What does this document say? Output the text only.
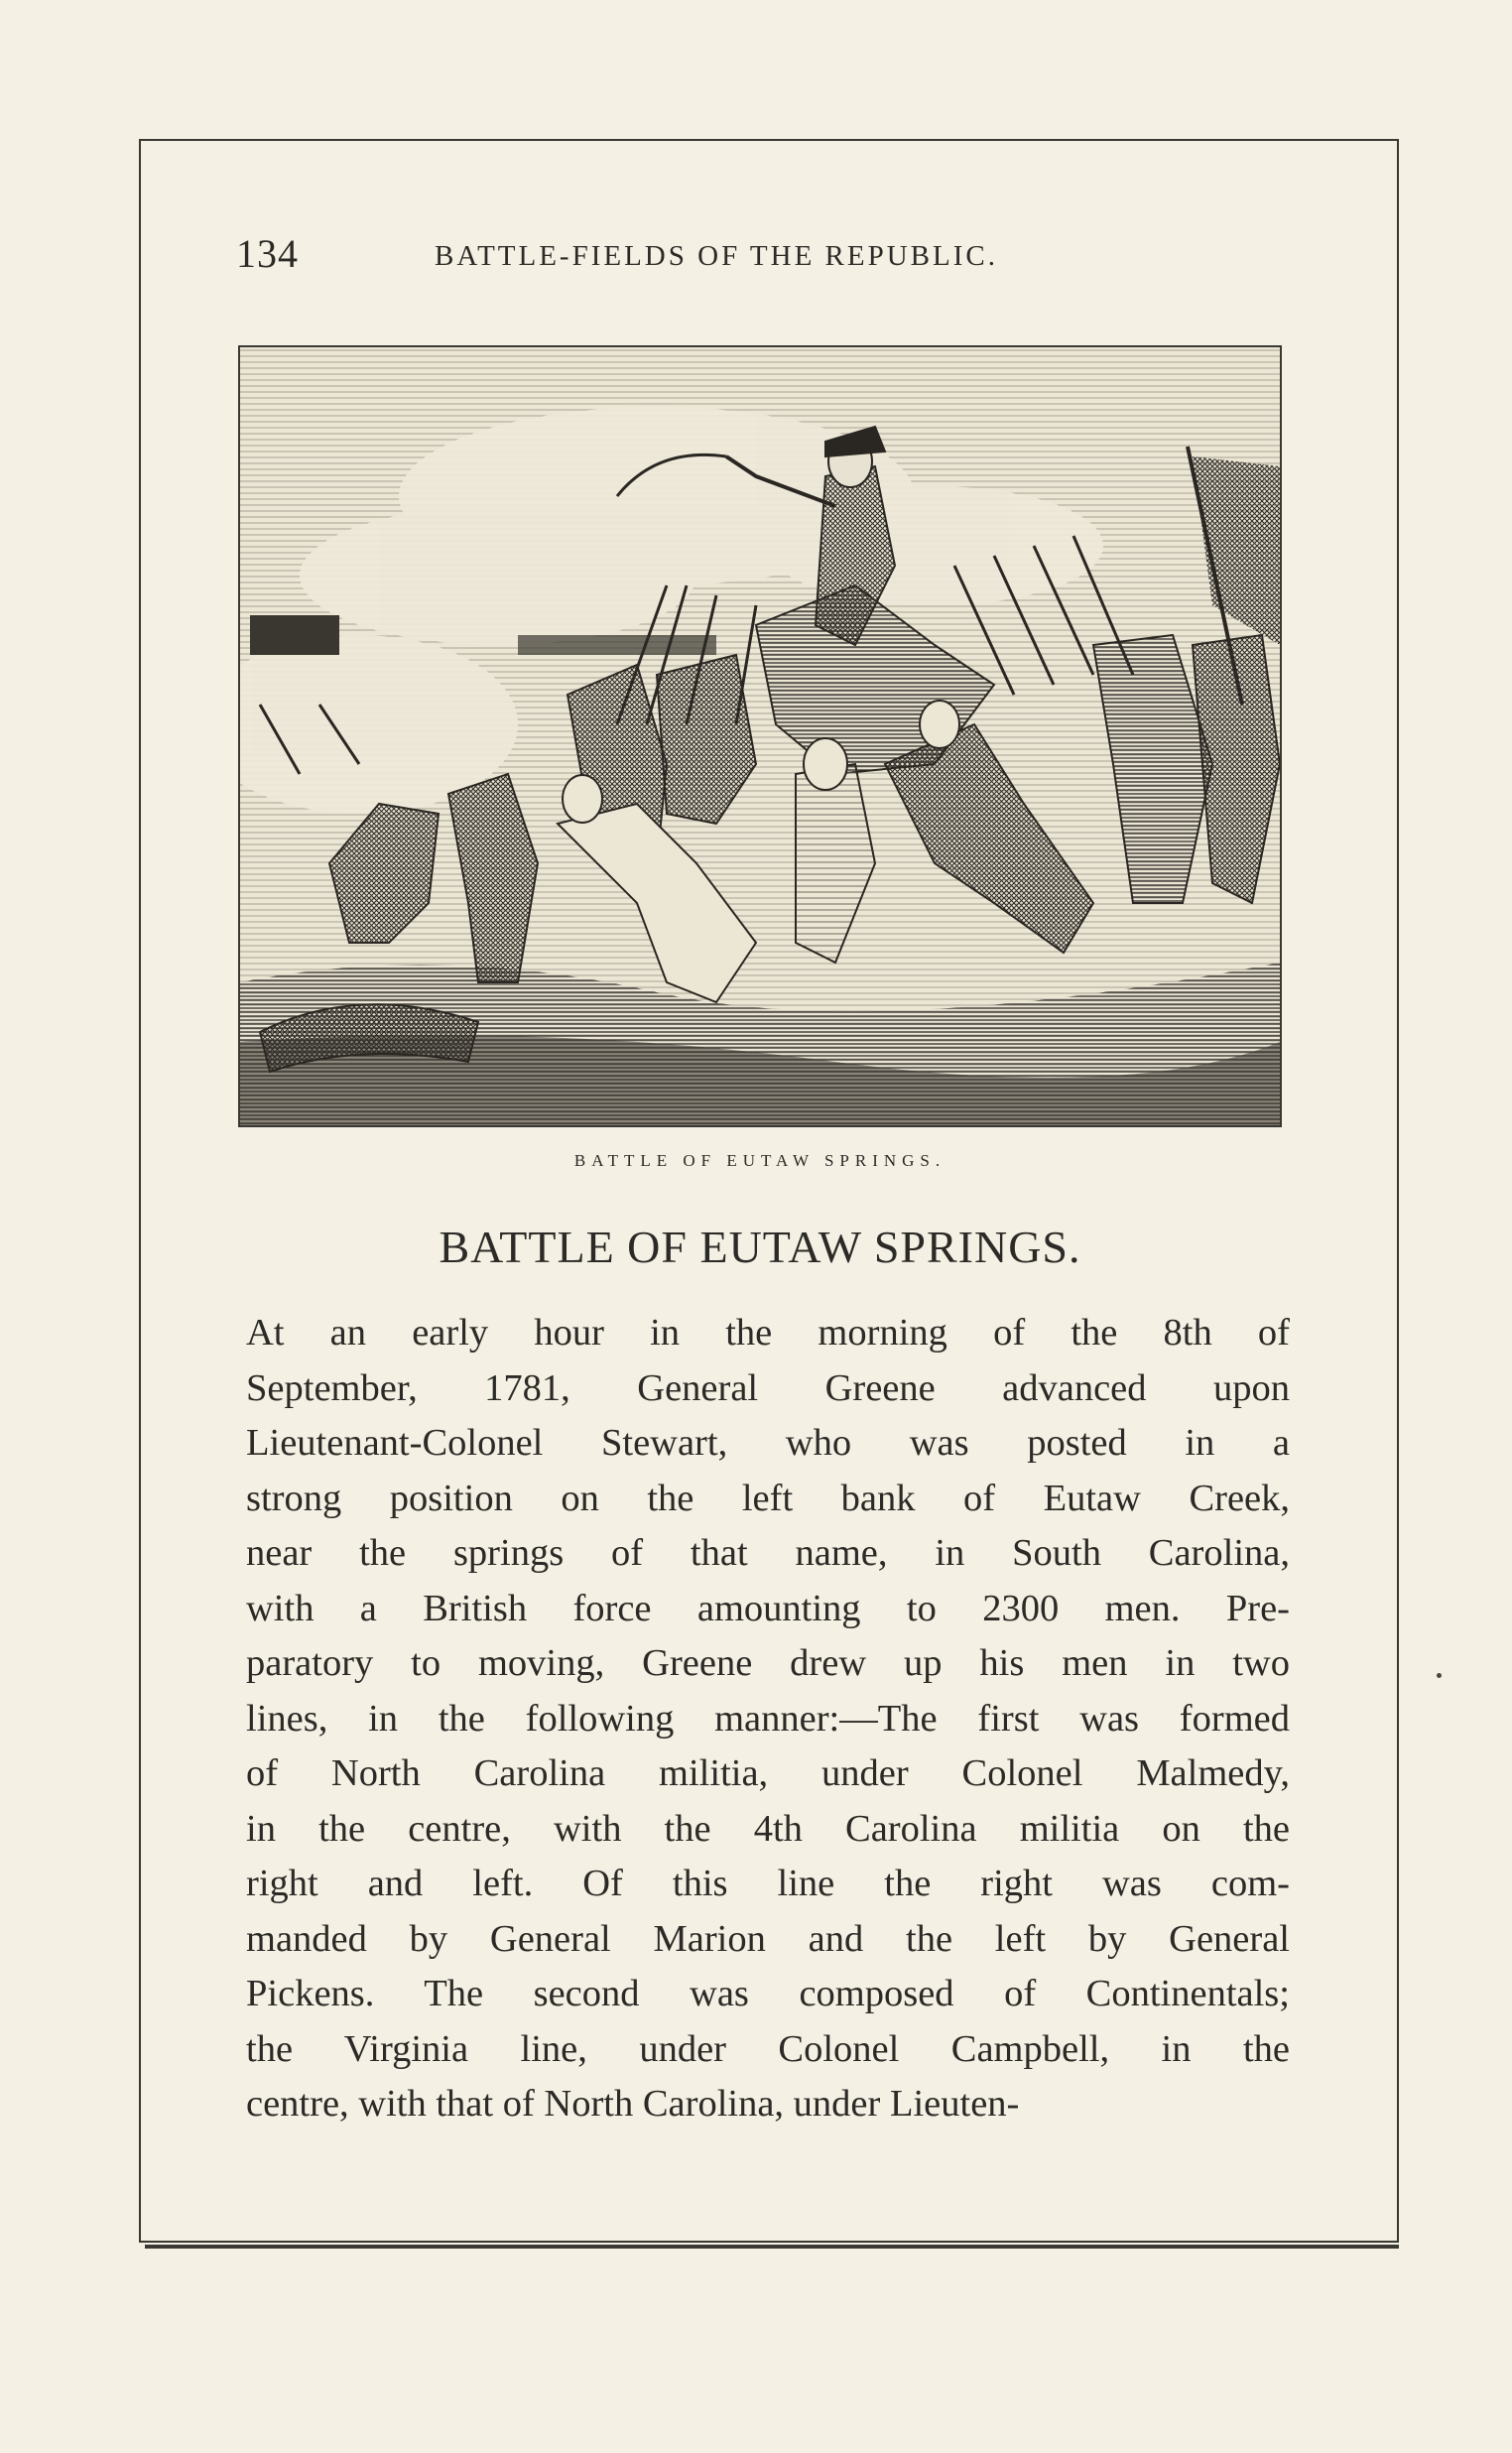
134	BATTLE-FIELDS OF THE REPUBLIC.
BATTLE OF EUTAW SPRINGS.
BATTLE OF EUTAW SPRINGS.
At an early hour in the morning of the 8th of
September, 1781, General Greene advanced upon
Lieutenant-Colonel Stewart, who was posted in a
strong position on the left bank of Eutaw Creek,
near the springs of that name, in South Carolina,
with a British force amounting to 2300 men. Pre-
paratory to moving, Greene drew up his men in two
lines, in the following manner:—The first was formed
of North Carolina militia, under Colonel Malmedy,
in the centre, with the 4th Carolina militia on the
right and left. Of this line the right was com-
manded by General Marion and the left by General
Pickens. The second was composed of Continentals;
the Virginia line, under Colonel Campbell, in the
centre, with that of North Carolina, under Lieuten-
